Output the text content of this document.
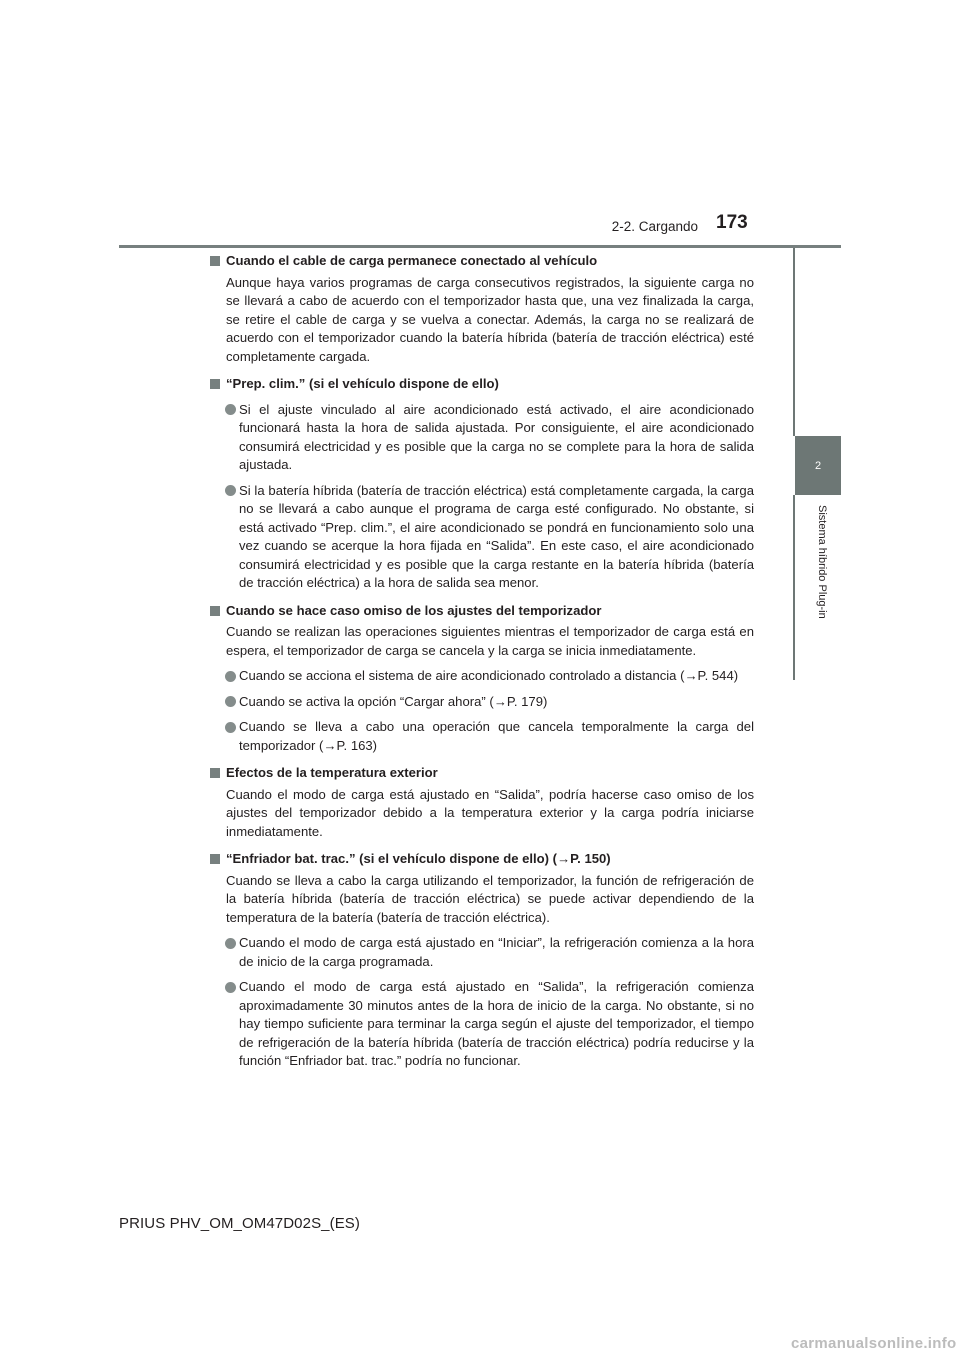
2-2. Cargando 173
2
Sistema híbrido Plug-in
Cuando el cable de carga permanece conectado al vehículo
Aunque haya varios programas de carga consecutivos registrados, la siguiente carga no se llevará a cabo de acuerdo con el temporizador hasta que, una vez finalizada la carga, se retire el cable de carga y se vuelva a conectar. Además, la carga no se realizará de acuerdo con el temporizador cuando la batería híbrida (batería de tracción eléctrica) esté completamente cargada.
“Prep. clim.” (si el vehículo dispone de ello)
Si el ajuste vinculado al aire acondicionado está activado, el aire acondicionado funcionará hasta la hora de salida ajustada. Por consiguiente, el aire acondicionado consumirá electricidad y es posible que la carga no se complete para la hora de salida ajustada.
Si la batería híbrida (batería de tracción eléctrica) está completamente cargada, la carga no se llevará a cabo aunque el programa de carga esté configurado. No obstante, si está activado “Prep. clim.”, el aire acondicionado se pondrá en funcionamiento solo una vez cuando se acerque la hora fijada en “Salida”. En este caso, el aire acondicionado consumirá electricidad y es posible que la carga restante en la batería híbrida (batería de tracción eléctrica) a la hora de salida sea menor.
Cuando se hace caso omiso de los ajustes del temporizador
Cuando se realizan las operaciones siguientes mientras el temporizador de carga está en espera, el temporizador de carga se cancela y la carga se inicia inmediatamente.
Cuando se acciona el sistema de aire acondicionado controlado a distancia (→P. 544)
Cuando se activa la opción “Cargar ahora” (→P. 179)
Cuando se lleva a cabo una operación que cancela temporalmente la carga del temporizador (→P. 163)
Efectos de la temperatura exterior
Cuando el modo de carga está ajustado en “Salida”, podría hacerse caso omiso de los ajustes del temporizador debido a la temperatura exterior y la carga podría iniciarse inmediatamente.
“Enfriador bat. trac.” (si el vehículo dispone de ello) (→P. 150)
Cuando se lleva a cabo la carga utilizando el temporizador, la función de refrigeración de la batería híbrida (batería de tracción eléctrica) se puede activar dependiendo de la temperatura de la batería (batería de tracción eléctrica).
Cuando el modo de carga está ajustado en “Iniciar”, la refrigeración comienza a la hora de inicio de la carga programada.
Cuando el modo de carga está ajustado en “Salida”, la refrigeración comienza aproximadamente 30 minutos antes de la hora de inicio de la carga. No obstante, si no hay tiempo suficiente para terminar la carga según el ajuste del temporizador, el tiempo de refrigeración de la batería híbrida (batería de tracción eléctrica) podría reducirse y la función “Enfriador bat. trac.” podría no funcionar.
PRIUS PHV_OM_OM47D02S_(ES)
carmanualsonline.info
